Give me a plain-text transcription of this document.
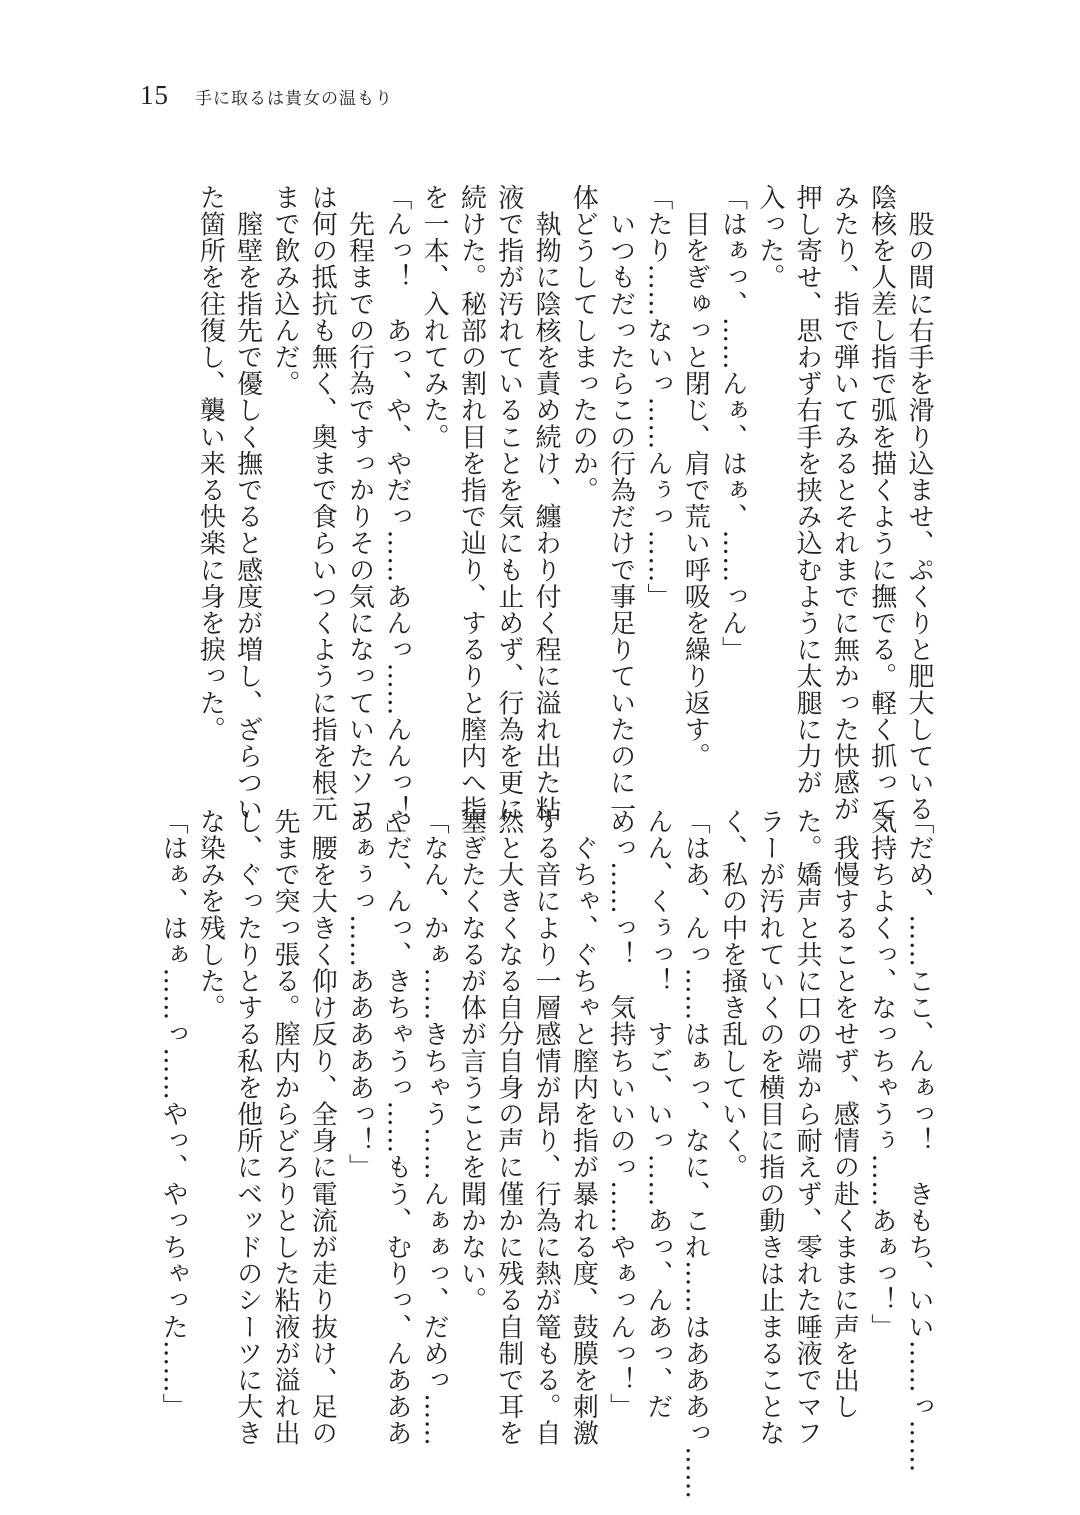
15 手に取るは貴女の温もり
　股の間に右手を滑り込ませ、ぷくりと肥大している
陰核を人差し指で弧を描くように撫でる。軽く抓って
みたり、指で弾いてみるとそれまでに無かった快感が
押し寄せ、思わず右手を挟み込むように太腿に力が
入った。
「はぁっ、……んぁ、はぁ、……っん」
　目をぎゅっと閉じ、肩で荒い呼吸を繰り返す。
「たり……ないっ……んぅっ……」
　いつもだったらこの行為だけで事足りていたのに一
体どうしてしまったのか。
　執拗に陰核を責め続け、纏わり付く程に溢れ出た粘
液で指が汚れていることを気にも止めず、行為を更に
続けた。秘部の割れ目を指で辿り、するりと膣内へ指
を一本、入れてみた。
「んっ！　あっ、や、やだっ……あんっ……んんっ！」
　先程までの行為ですっかりその気になっていたソコ
は何の抵抗も無く、奥まで食らいつくように指を根元
まで飲み込んだ。
　膣壁を指先で優しく撫でると感度が増し、ざらつい
た箇所を往復し、襲い来る快楽に身を捩った。
「だめ、……ここ、んぁっ！　きもち、いい……っ……
気持ちよくっ、なっちゃうぅ……あぁっ！」
　我慢することをせず、感情の赴くままに声を出し
た。嬌声と共に口の端から耐えず、零れた唾液でマフ
ラーが汚れていくのを横目に指の動きは止まることな
く、私の中を掻き乱していく。
「はあ、んっ……はぁっ、なに、これ……はあああっ……
んん、くぅっ！　すご、いっ……あっ、んあっ、だ
めっ……っ！　気持ちいいのっ……やぁっんっ！」
　ぐちゃ、ぐちゃと膣内を指が暴れる度、鼓膜を刺激
する音により一層感情が昂り、行為に熱が篭もる。自
然と大きくなる自分自身の声に僅かに残る自制で耳を
塞ぎたくなるが体が言うことを聞かない。
「なん、かぁ……きちゃう……んぁぁっ、だめっ……
やだ、んっ、きちゃうっ……もう、むりっ、んあああ
あぁぅっ……あああああっ！」
　腰を大きく仰け反り、全身に電流が走り抜け、足の
先まで突っ張る。膣内からどろりとした粘液が溢れ出
し、ぐったりとする私を他所にベッドのシーツに大き
な染みを残した。
「はぁ、はぁ……っ……やっ、やっちゃった……」
